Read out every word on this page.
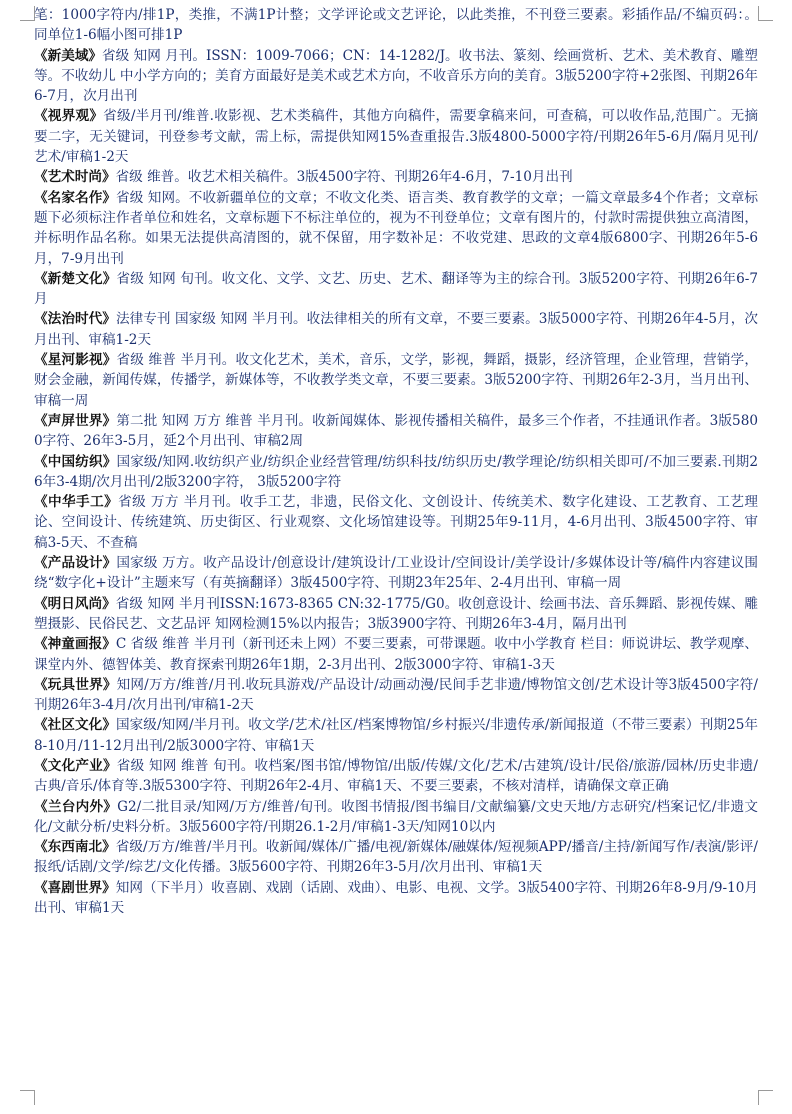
笔：1000字符内/排1P，类推，不满1P计整；文学评论或文艺评论，以此类推，不刊登三要素。彩插作品/不编页码：。同单位1-6幅小图可排1P

《新美域》省级 知网 月刊。ISSN：1009-7066；CN：14-1282/J。收书法、篆刻、绘画赏析、艺术、美术教育、雕塑等。不收幼儿 中小学方向的；美育方面最好是美术或艺术方向，不收音乐方向的美育。3版5200字符+2张图、刊期26年6-7月，次月出刊

《视界观》省级/半月刊/维普.收影视、艺术类稿件，其他方向稿件，需要拿稿来问，可查稿，可以收作品,范围广。无摘要二字，无关键词，刊登参考文献，需上标，需提供知网15%查重报告.3版4800-5000字符/刊期26年5-6月/隔月见刊/艺术/审稿1-2天

《艺术时尚》省级 维普。收艺术相关稿件。3版4500字符、刊期26年4-6月，7-10月出刊

《名家名作》省级 知网。不收新疆单位的文章；不收文化类、语言类、教育教学的文章；一篇文章最多4个作者；文章标题下必须标注作者单位和姓名，文章标题下不标注单位的，视为不刊登单位；文章有图片的，付款时需提供独立高清图，并标明作品名称。如果无法提供高清图的，就不保留，用字数补足：不收党建、思政的文章4版6800字、刊期26年5-6月，7-9月出刊

《新楚文化》省级 知网 旬刊。收文化、文学、文艺、历史、艺术、翻译等为主的综合刊。3版5200字符、刊期26年6-7月

《法治时代》法律专刊 国家级 知网 半月刊。收法律相关的所有文章，不要三要素。3版5000字符、刊期26年4-5月，次月出刊、审稿1-2天

《星河影视》省级 维普 半月刊。收文化艺术，美术，音乐，文学，影视，舞蹈，摄影，经济管理，企业管理，营销学，财会金融，新闻传媒，传播学，新媒体等，不收教学类文章，不要三要素。3版5200字符、刊期26年2-3月，当月出刊、审稿一周

《声屏世界》第二批 知网 万方 维普 半月刊。收新闻媒体、影视传播相关稿件，最多三个作者，不挂通讯作者。3版5800字符、26年3-5月，延2个月出刊、审稿2周

《中国纺织》国家级/知网.收纺织产业/纺织企业经营管理/纺织科技/纺织历史/教学理论/纺织相关即可/不加三要素.刊期26年3-4期/次月出刊/2版3200字符， 3版5200字符

《中华手工》省级 万方 半月刊。收手工艺，非遗，民俗文化、文创设计、传统美术、数字化建设、工艺教育、工艺理论、空间设计、传统建筑、历史街区、行业观察、文化场馆建设等。刊期25年9-11月，4-6月出刊、3版4500字符、审稿3-5天、不查稿

《产品设计》国家级 万方。收产品设计/创意设计/建筑设计/工业设计/空间设计/美学设计/多媒体设计等/稿件内容建议围绕“数字化+设计”主题来写（有英摘翻译）3版4500字符、刊期23年25年、2-4月出刊、审稿一周

《明日风尚》省级 知网 半月刊ISSN:1673-8365 CN:32-1775/G0。收创意设计、绘画书法、音乐舞蹈、影视传媒、雕塑摄影、民俗民艺、文艺品评 知网检测15%以内报告；3版3900字符、刊期26年3-4月，隔月出刊

《神童画报》C 省级 维普 半月刊（新刊还未上网）不要三要素，可带课题。收中小学教育 栏目：师说讲坛、教学观摩、课堂内外、德智体美、教育探索刊期26年1期，2-3月出刊、2版3000字符、审稿1-3天

《玩具世界》知网/万方/维普/月刊.收玩具游戏/产品设计/动画动漫/民间手艺非遗/博物馆文创/艺术设计等3版4500字符/刊期26年3-4月/次月出刊/审稿1-2天

《社区文化》国家级/知网/半月刊。收文学/艺术/社区/档案博物馆/乡村振兴/非遗传承/新闻报道（不带三要素）刊期25年8-10月/11-12月出刊/2版3000字符、审稿1天

《文化产业》省级 知网 维普 旬刊。收档案/图书馆/博物馆/出版/传媒/文化/艺术/古建筑/设计/民俗/旅游/园林/历史非遗/古典/音乐/体育等.3版5300字符、刊期26年2-4月、审稿1天、不要三要素，不核对清样，请确保文章正确

《兰台内外》G2/二批目录/知网/万方/维普/旬刊。收图书情报/图书编目/文献编纂/文史天地/方志研究/档案记忆/非遗文化/文献分析/史料分析。3版5600字符/刊期26.1-2月/审稿1-3天/知网10以内

《东西南北》省级/万方/维普/半月刊。收新闻/媒体/广播/电视/新媒体/融媒体/短视频APP/播音/主持/新闻写作/表演/影评/报纸/话剧/文学/综艺/文化传播。3版5600字符、刊期26年3-5月/次月出刊、审稿1天

《喜剧世界》知网（下半月）收喜剧、戏剧（话剧、戏曲）、电影、电视、文学。3版5400字符、刊期26年8-9月/9-10月出刊、审稿1天
